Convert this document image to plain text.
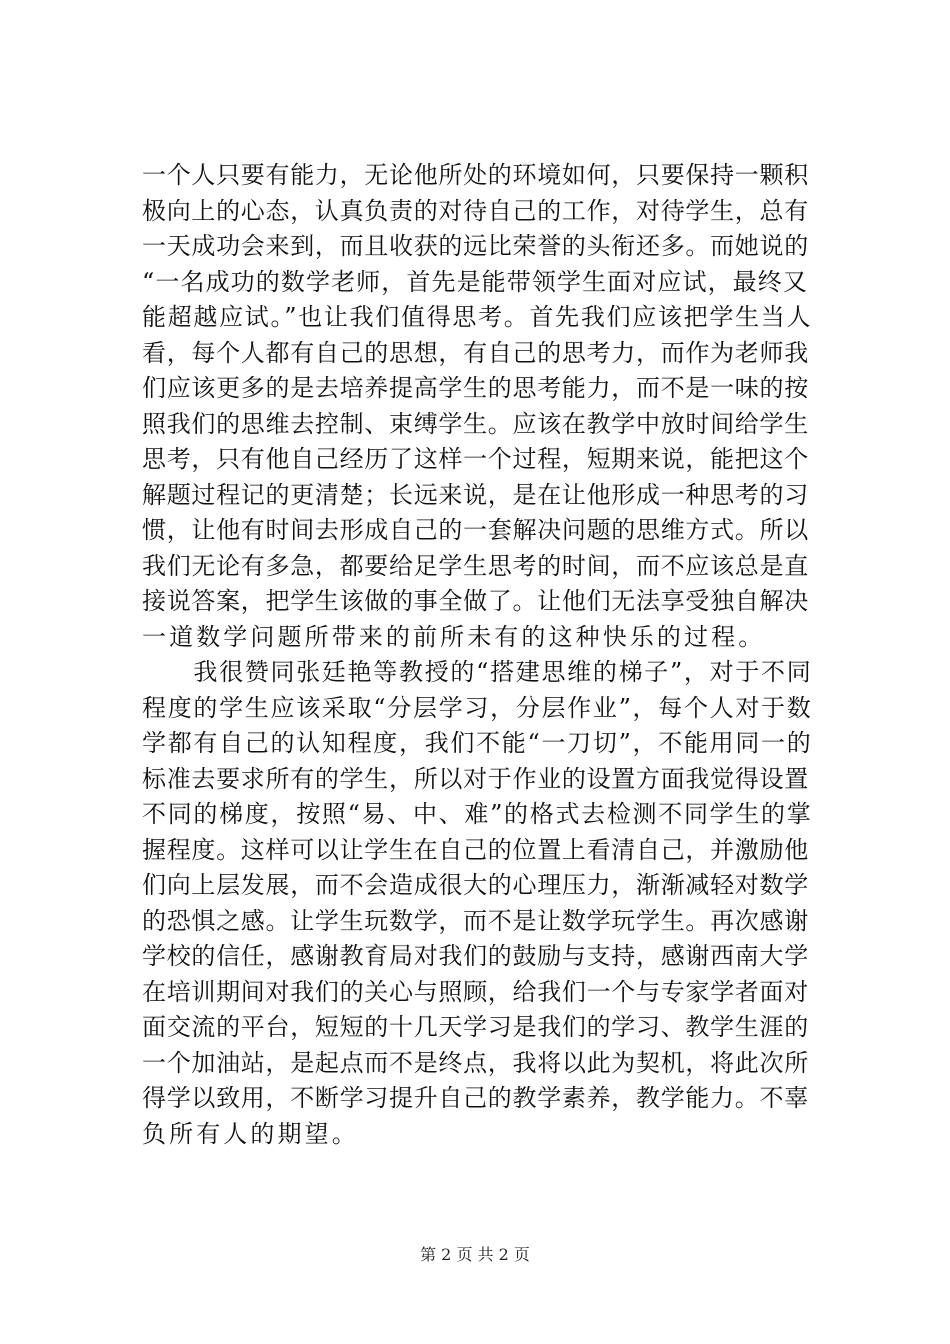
一个人只要有能力，无论他所处的环境如何，只要保持一颗积
极向上的心态，认真负责的对待自己的工作，对待学生，总有
一天成功会来到，而且收获的远比荣誉的头衔还多。而她说的
“一名成功的数学老师，首先是能带领学生面对应试，最终又
能超越应试。”也让我们值得思考。首先我们应该把学生当人
看，每个人都有自己的思想，有自己的思考力，而作为老师我
们应该更多的是去培养提高学生的思考能力，而不是一味的按
照我们的思维去控制、束缚学生。应该在教学中放时间给学生
思考，只有他自己经历了这样一个过程，短期来说，能把这个
解题过程记的更清楚；长远来说，是在让他形成一种思考的习
惯，让他有时间去形成自己的一套解决问题的思维方式。所以
我们无论有多急，都要给足学生思考的时间，而不应该总是直
接说答案，把学生该做的事全做了。让他们无法享受独自解决
一道数学问题所带来的前所未有的这种快乐的过程。
　　我很赞同张廷艳等教授的“搭建思维的梯子”，对于不同
程度的学生应该采取“分层学习，分层作业”，每个人对于数
学都有自己的认知程度，我们不能“一刀切”，不能用同一的
标准去要求所有的学生，所以对于作业的设置方面我觉得设置
不同的梯度，按照“易、中、难”的格式去检测不同学生的掌
握程度。这样可以让学生在自己的位置上看清自己，并激励他
们向上层发展，而不会造成很大的心理压力，渐渐减轻对数学
的恐惧之感。让学生玩数学，而不是让数学玩学生。再次感谢
学校的信任，感谢教育局对我们的鼓励与支持，感谢西南大学
在培训期间对我们的关心与照顾，给我们一个与专家学者面对
面交流的平台，短短的十几天学习是我们的学习、教学生涯的
一个加油站，是起点而不是终点，我将以此为契机，将此次所
得学以致用，不断学习提升自己的教学素养，教学能力。不辜
负所有人的期望。
第 2 页 共 2 页
